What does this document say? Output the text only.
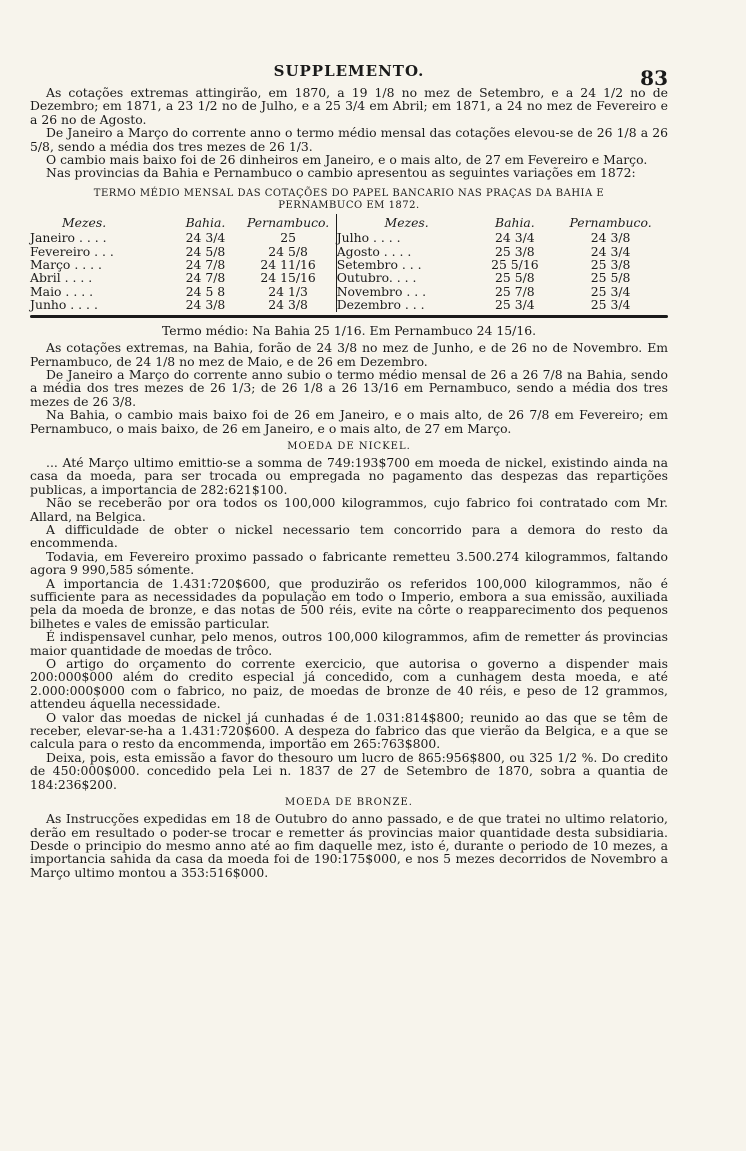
SUPPLEMENTO.	83

As cotações extremas attingirão, em 1870, a 19 1/8 no mez de Setembro, e a 24 1/2 no de Dezembro; em 1871, a 23 1/2 no de Julho, e a 25 3/4 em Abril; em 1871, a 24 no mez de Fevereiro e a 26 no de Agosto.

De Janeiro a Março do corrente anno o termo médio mensal das cotações elevou-se de 26 1/8 a 26 5/8, sendo a média dos tres mezes de 26 1/3.

O cambio mais baixo foi de 26 dinheiros em Janeiro, e o mais alto, de 27 em Fevereiro e Março.

Nas provincias da Bahia e Pernambuco o cambio apresentou as seguintes variações em 1872:

TERMO MÉDIO MENSAL DAS COTAÇÕES DO PAPEL BANCARIO NAS PRAÇAS DA BAHIA E
PERNAMBUCO EM 1872.
Mezes.	Bahia.	Pernambuco.	Mezes.	Bahia.	Pernambuco.
Janeiro . . . .	24 3/4	25	Julho . . . .	24 3/4	24 3/8
Fevereiro . . .	24 5/8	24 5/8	Agosto . . . .	25 3/8	24 3/4
Março . . . .	24 7/8	24 11/16	Setembro . . .	25 5/16	25 3/8
Abril . . . .	24 7/8	24 15/16	Outubro. . . .	25 5/8	25 5/8
Maio . . . .	24 5 8	24 1/3	Novembro . . .	25 7/8	25 3/4
Junho . . . .	24 3/8	24 3/8	Dezembro . . .	25 3/4	25 3/4

Termo médio: Na Bahia 25 1/16. Em Pernambuco 24 15/16.

As cotações extremas, na Bahia, forão de 24 3/8 no mez de Junho, e de 26 no de Novembro. Em Pernambuco, de 24 1/8 no mez de Maio, e de 26 em Dezembro.

De Janeiro a Março do corrente anno subio o termo médio mensal de 26 a 26 7/8 na Bahia, sendo a média dos tres mezes de 26 1/3; de 26 1/8 a 26 13/16 em Pernambuco, sendo a média dos tres mezes de 26 3/8.

Na Bahia, o cambio mais baixo foi de 26 em Janeiro, e o mais alto, de 26 7/8 em Fevereiro; em Pernambuco, o mais baixo, de 26 em Janeiro, e o mais alto, de 27 em Março.

MOEDA DE NICKEL.

... Até Março ultimo emittio-se a somma de 749:193$700 em moeda de nickel, existindo ainda na casa da moeda, para ser trocada ou empregada no pagamento das despezas das repartições publicas, a importancia de 282:621$100.

Não se receberão por ora todos os 100,000 kilogrammos, cujo fabrico foi contratado com Mr. Allard, na Belgica.

A difficuldade de obter o nickel necessario tem concorrido para a demora do resto da encommenda.

Todavia, em Fevereiro proximo passado o fabricante remetteu 3.500.274 kilogrammos, faltando agora 9 990,585 sómente.

A importancia de 1.431:720$600, que produzirão os referidos 100,000 kilogrammos, não é sufficiente para as necessidades da população em todo o Imperio, embora a sua emissão, auxiliada pela da moeda de bronze, e das notas de 500 réis, evite na côrte o reapparecimento dos pequenos bilhetes e vales de emissão particular.

É indispensavel cunhar, pelo menos, outros 100,000 kilogrammos, afim de remetter ás provincias maior quantidade de moedas de trôco.

O artigo do orçamento do corrente exercicio, que autorisa o governo a dispender mais 200:000$000 além do credito especial já concedido, com a cunhagem desta moeda, e até 2.000:000$000 com o fabrico, no paiz, de moedas de bronze de 40 réis, e peso de 12 grammos, attendeu áquella necessidade.

O valor das moedas de nickel já cunhadas é de 1.031:814$800; reunido ao das que se têm de receber, elevar-se-ha a 1.431:720$600. A despeza do fabrico das que vierão da Belgica, e a que se calcula para o resto da encommenda, importão em 265:763$800.

Deixa, pois, esta emissão a favor do thesouro um lucro de 865:956$800, ou 325 1/2 %. Do credito de 450:000$000. concedido pela Lei n. 1837 de 27 de Setembro de 1870, sobra a quantia de 184:236$200.

MOEDA DE BRONZE.

As Instrucções expedidas em 18 de Outubro do anno passado, e de que tratei no ultimo relatorio, derão em resultado o poder-se trocar e remetter ás provincias maior quantidade desta subsidiaria. Desde o principio do mesmo anno até ao fim daquelle mez, isto é, durante o periodo de 10 mezes, a importancia sahida da casa da moeda foi de 190:175$000, e nos 5 mezes decorridos de Novembro a Março ultimo montou a 353:516$000.
